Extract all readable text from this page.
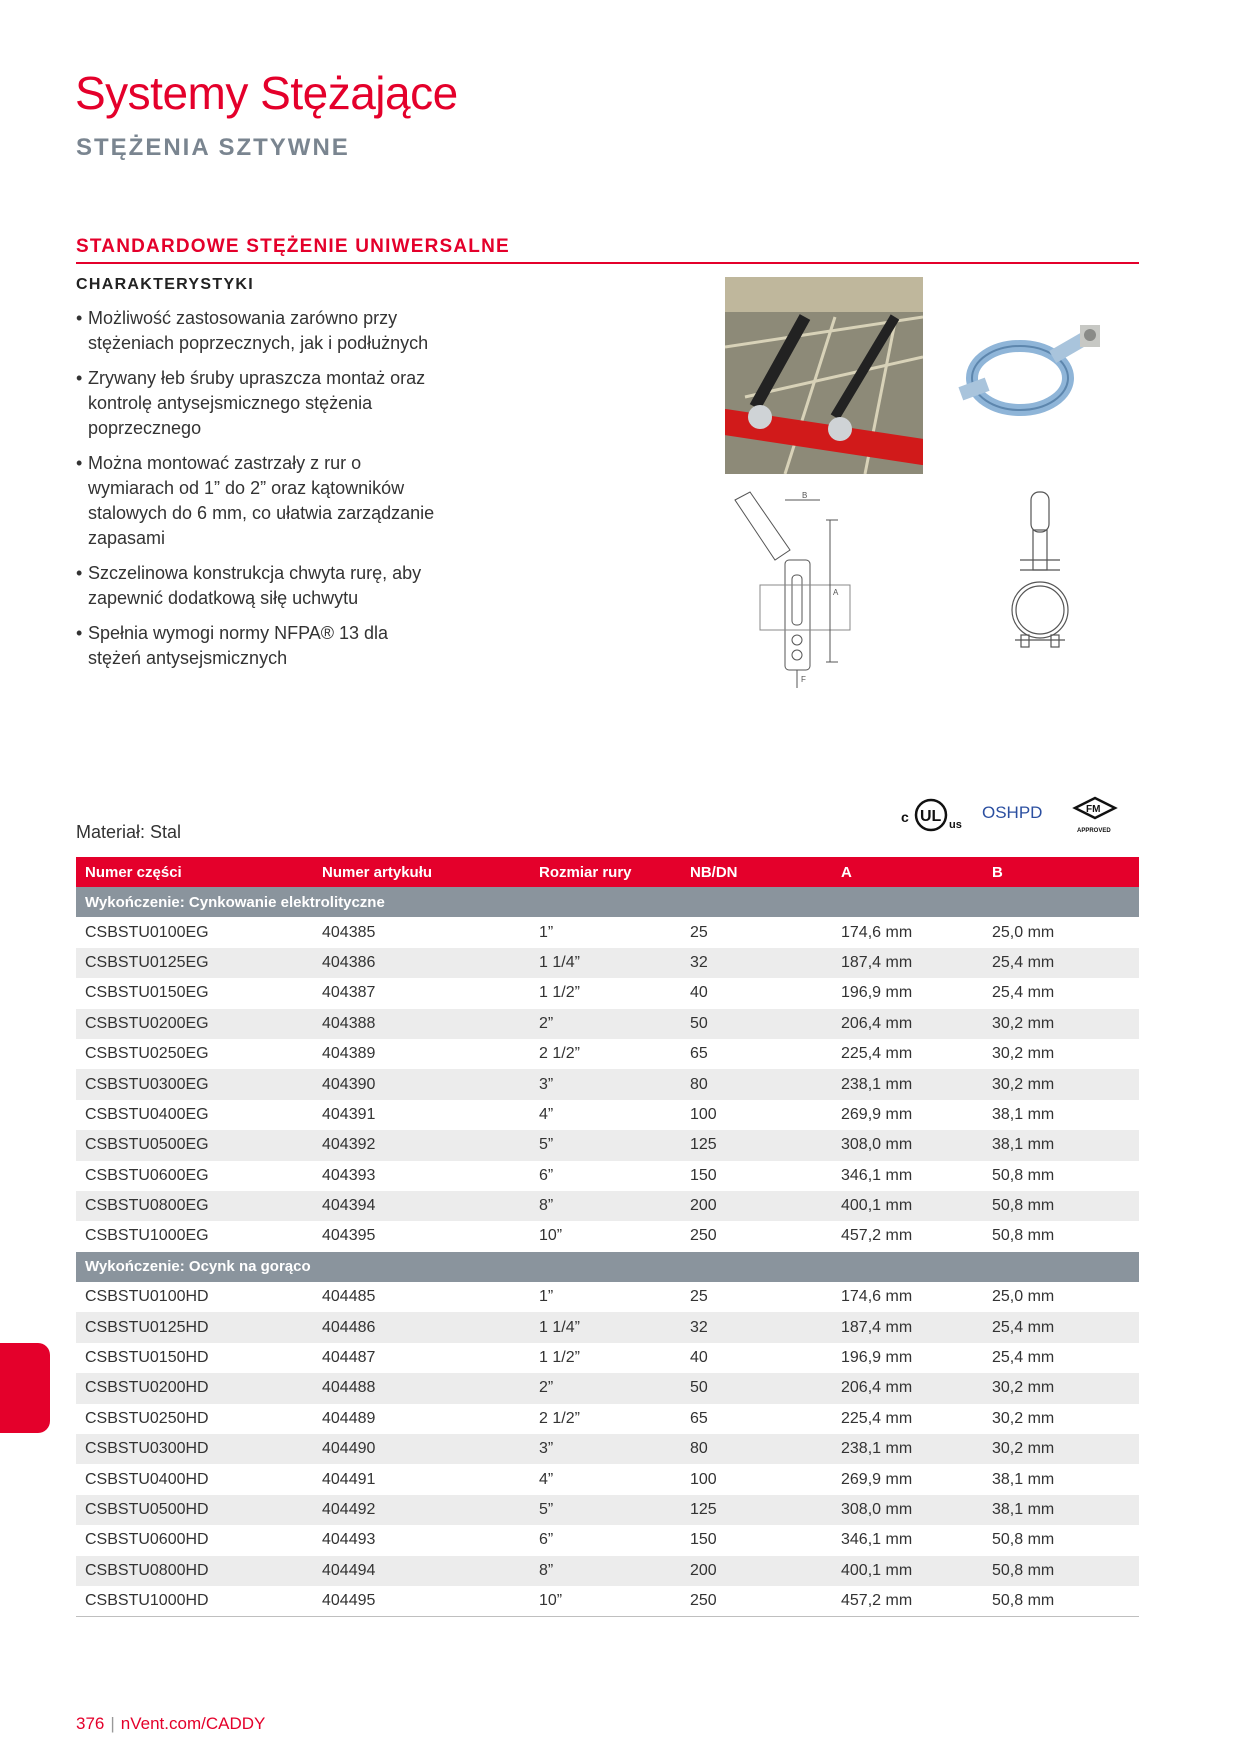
Systemy Stężające
STĘŻENIA SZTYWNE
STANDARDOWE STĘŻENIE UNIWERSALNE
CHARAKTERYSTYKI
• Możliwość zastosowania zarówno przy stężeniach poprzecznych, jak i podłużnych
• Zrywany łeb śruby upraszcza montaż oraz kontrolę antysejsmicznego stężenia poprzecznego
• Można montować zastrzały z rur o wymiarach od 1” do 2” oraz kątowników stalowych do 6 mm, co ułatwia zarządzanie zapasami
• Szczelinowa konstrukcja chwyta rurę, aby zapewnić dodatkową siłę uchwytu
• Spełnia wymogi normy NFPA® 13 dla stężeń antysejsmicznych
B
A
F
c UL us
OSHPD	FM
APPROVED
Materiał: Stal
Numer części	Numer artykułu	Rozmiar rury	NB/DN	A	B
Wykończenie: Cynkowanie elektrolityczne					
CSBSTU0100EG	404385	1”	25	174,6 mm	25,0 mm
CSBSTU0125EG	404386	1 1/4”	32	187,4 mm	25,4 mm
CSBSTU0150EG	404387	1 1/2”	40	196,9 mm	25,4 mm
CSBSTU0200EG	404388	2”	50	206,4 mm	30,2 mm
CSBSTU0250EG	404389	2 1/2”	65	225,4 mm	30,2 mm
CSBSTU0300EG	404390	3”	80	238,1 mm	30,2 mm
CSBSTU0400EG	404391	4”	100	269,9 mm	38,1 mm
CSBSTU0500EG	404392	5”	125	308,0 mm	38,1 mm
CSBSTU0600EG	404393	6”	150	346,1 mm	50,8 mm
CSBSTU0800EG	404394	8”	200	400,1 mm	50,8 mm
CSBSTU1000EG	404395	10”	250	457,2 mm	50,8 mm
Wykończenie: Ocynk na gorąco					
CSBSTU0100HD	404485	1”	25	174,6 mm	25,0 mm
CSBSTU0125HD	404486	1 1/4”	32	187,4 mm	25,4 mm
CSBSTU0150HD	404487	1 1/2”	40	196,9 mm	25,4 mm
CSBSTU0200HD	404488	2”	50	206,4 mm	30,2 mm
CSBSTU0250HD	404489	2 1/2”	65	225,4 mm	30,2 mm
CSBSTU0300HD	404490	3”	80	238,1 mm	30,2 mm
CSBSTU0400HD	404491	4”	100	269,9 mm	38,1 mm
CSBSTU0500HD	404492	5”	125	308,0 mm	38,1 mm
CSBSTU0600HD	404493	6”	150	346,1 mm	50,8 mm
CSBSTU0800HD	404494	8”	200	400,1 mm	50,8 mm
CSBSTU1000HD	404495	10”	250	457,2 mm	50,8 mm
376 | nVent.com/CADDY
